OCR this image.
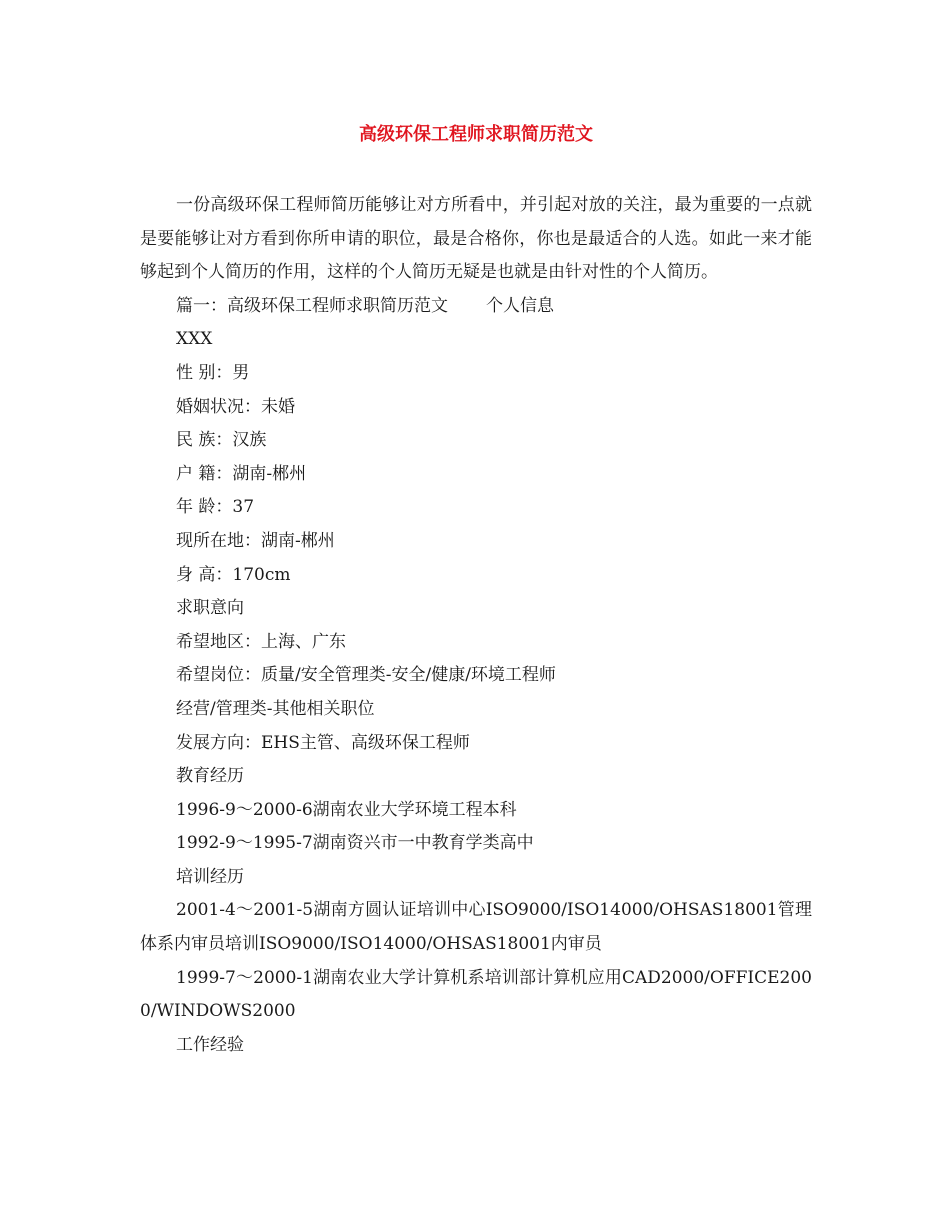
高级环保工程师求职简历范文

一份高级环保工程师简历能够让对方所看中，并引起对放的关注，最为重要的一点就是要能够让对方看到你所申请的职位，最是合格你，你也是最适合的人选。如此一来才能够起到个人简历的作用，这样的个人简历无疑是也就是由针对性的个人简历。

篇一：高级环保工程师求职简历范文 个人信息

XXX

性 别：男

婚姻状况：未婚

民 族：汉族

户 籍：湖南-郴州

年 龄：37

现所在地：湖南-郴州

身 高：170cm

求职意向

希望地区：上海、广东

希望岗位：质量/安全管理类-安全/健康/环境工程师

经营/管理类-其他相关职位

发展方向：EHS主管、高级环保工程师

教育经历

1996-9～2000-6湖南农业大学环境工程本科

1992-9～1995-7湖南资兴市一中教育学类高中

培训经历

2001-4～2001-5湖南方圆认证培训中心ISO9000/ISO14000/OHSAS18001管理体系内审员培训ISO9000/ISO14000/OHSAS18001内审员

1999-7～2000-1湖南农业大学计算机系培训部计算机应用CAD2000/OFFICE2000/WINDOWS2000

工作经验
